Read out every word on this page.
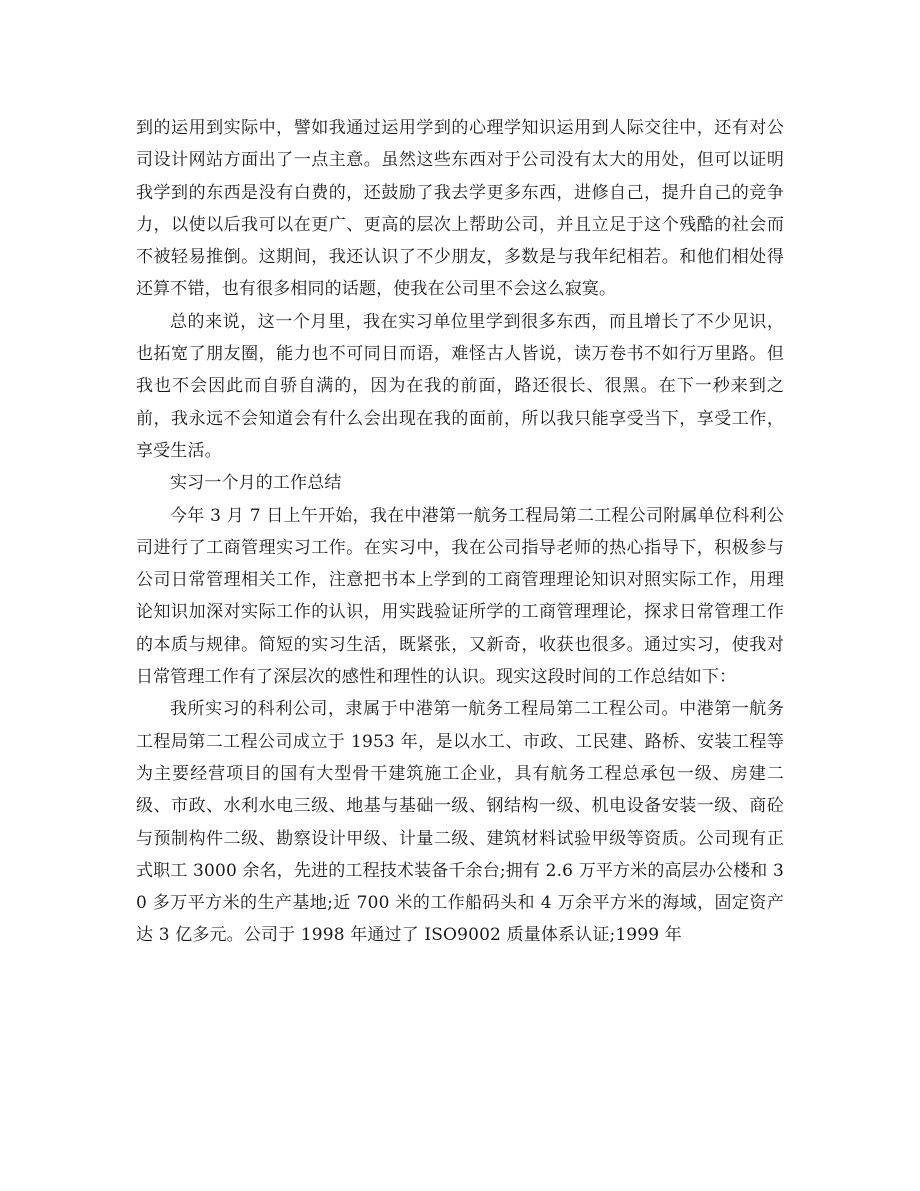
到的运用到实际中，譬如我通过运用学到的心理学知识运用到人际交往中，还有对公司设计网站方面出了一点主意。虽然这些东西对于公司没有太大的用处，但可以证明我学到的东西是没有白费的，还鼓励了我去学更多东西，进修自己，提升自己的竞争力，以使以后我可以在更广、更高的层次上帮助公司，并且立足于这个残酷的社会而不被轻易推倒。这期间，我还认识了不少朋友，多数是与我年纪相若。和他们相处得还算不错，也有很多相同的话题，使我在公司里不会这么寂寞。

总的来说，这一个月里，我在实习单位里学到很多东西，而且增长了不少见识，也拓宽了朋友圈，能力也不可同日而语，难怪古人皆说，读万卷书不如行万里路。但我也不会因此而自骄自满的，因为在我的前面，路还很长、很黑。在下一秒来到之前，我永远不会知道会有什么会出现在我的面前，所以我只能享受当下，享受工作，享受生活。

实习一个月的工作总结

今年 3 月 7 日上午开始，我在中港第一航务工程局第二工程公司附属单位科利公司进行了工商管理实习工作。在实习中，我在公司指导老师的热心指导下，积极参与公司日常管理相关工作，注意把书本上学到的工商管理理论知识对照实际工作，用理论知识加深对实际工作的认识，用实践验证所学的工商管理理论，探求日常管理工作的本质与规律。简短的实习生活，既紧张，又新奇，收获也很多。通过实习，使我对日常管理工作有了深层次的感性和理性的认识。现实这段时间的工作总结如下：

我所实习的科利公司，隶属于中港第一航务工程局第二工程公司。中港第一航务工程局第二工程公司成立于 1953 年，是以水工、市政、工民建、路桥、安装工程等为主要经营项目的国有大型骨干建筑施工企业，具有航务工程总承包一级、房建二级、市政、水利水电三级、地基与基础一级、钢结构一级、机电设备安装一级、商砼与预制构件二级、勘察设计甲级、计量二级、建筑材料试验甲级等资质。公司现有正式职工 3000 余名，先进的工程技术装备千余台;拥有 2.6 万平方米的高层办公楼和 30 多万平方米的生产基地;近 700 米的工作船码头和 4 万余平方米的海域，固定资产达 3 亿多元。公司于 1998 年通过了 ISO9002 质量体系认证;1999 年
